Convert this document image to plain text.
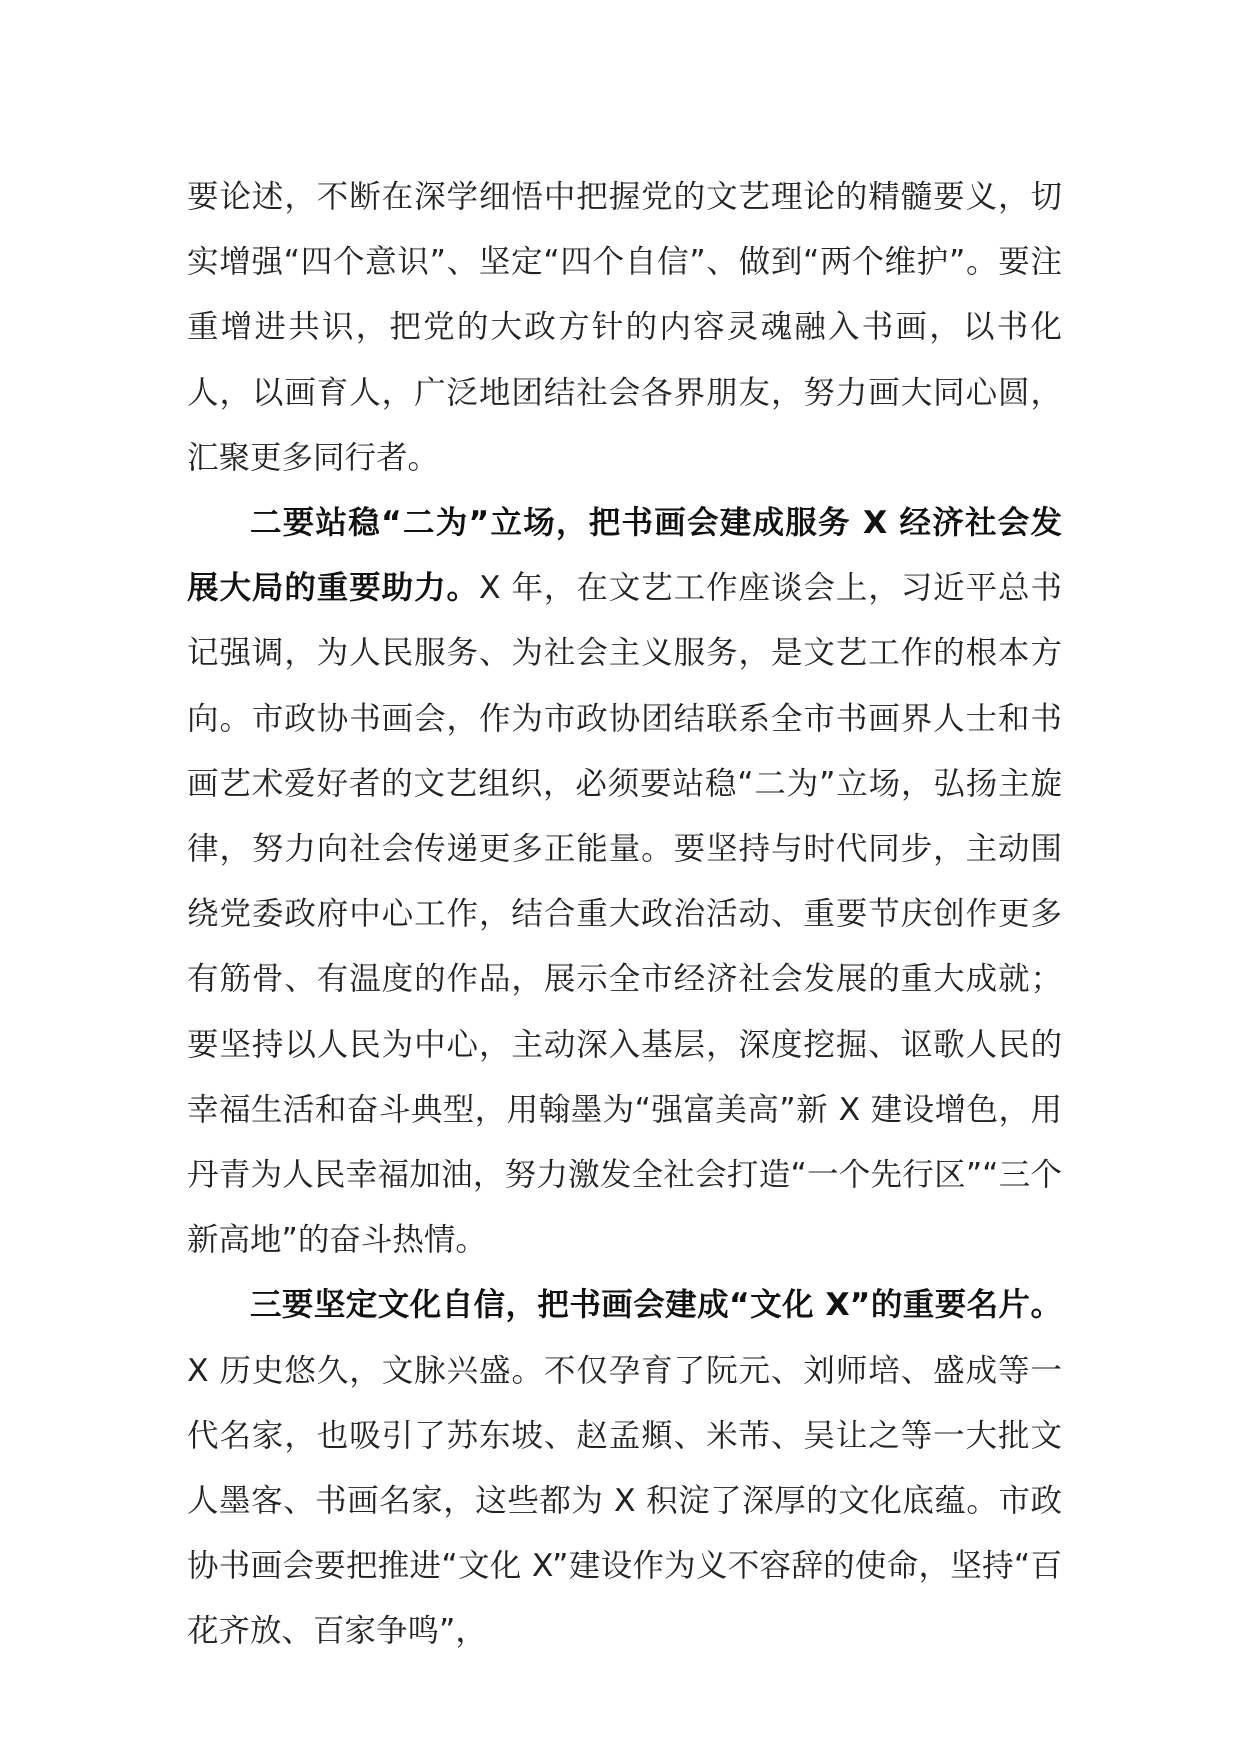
要论述，不断在深学细悟中把握党的文艺理论的精髓要义，切实增强“四个意识”、坚定“四个自信”、做到“两个维护”。要注重增进共识，把党的大政方针的内容灵魂融入书画，以书化人，以画育人，广泛地团结社会各界朋友，努力画大同心圆，汇聚更多同行者。

二要站稳“二为”立场，把书画会建成服务 X 经济社会发展大局的重要助力。X 年，在文艺工作座谈会上，习近平总书记强调，为人民服务、为社会主义服务，是文艺工作的根本方向。市政协书画会，作为市政协团结联系全市书画界人士和书画艺术爱好者的文艺组织，必须要站稳“二为”立场，弘扬主旋律，努力向社会传递更多正能量。要坚持与时代同步，主动围绕党委政府中心工作，结合重大政治活动、重要节庆创作更多有筋骨、有温度的作品，展示全市经济社会发展的重大成就；要坚持以人民为中心，主动深入基层，深度挖掘、讴歌人民的幸福生活和奋斗典型，用翰墨为“强富美高”新 X 建设增色，用丹青为人民幸福加油，努力激发全社会打造“一个先行区”“三个新高地”的奋斗热情。

三要坚定文化自信，把书画会建成“文化 X”的重要名片。X 历史悠久，文脉兴盛。不仅孕育了阮元、刘师培、盛成等一代名家，也吸引了苏东坡、赵孟頫、米芾、吴让之等一大批文人墨客、书画名家，这些都为 X 积淀了深厚的文化底蕴。市政协书画会要把推进“文化 X”建设作为义不容辞的使命，坚持“百花齐放、百家争鸣”，
